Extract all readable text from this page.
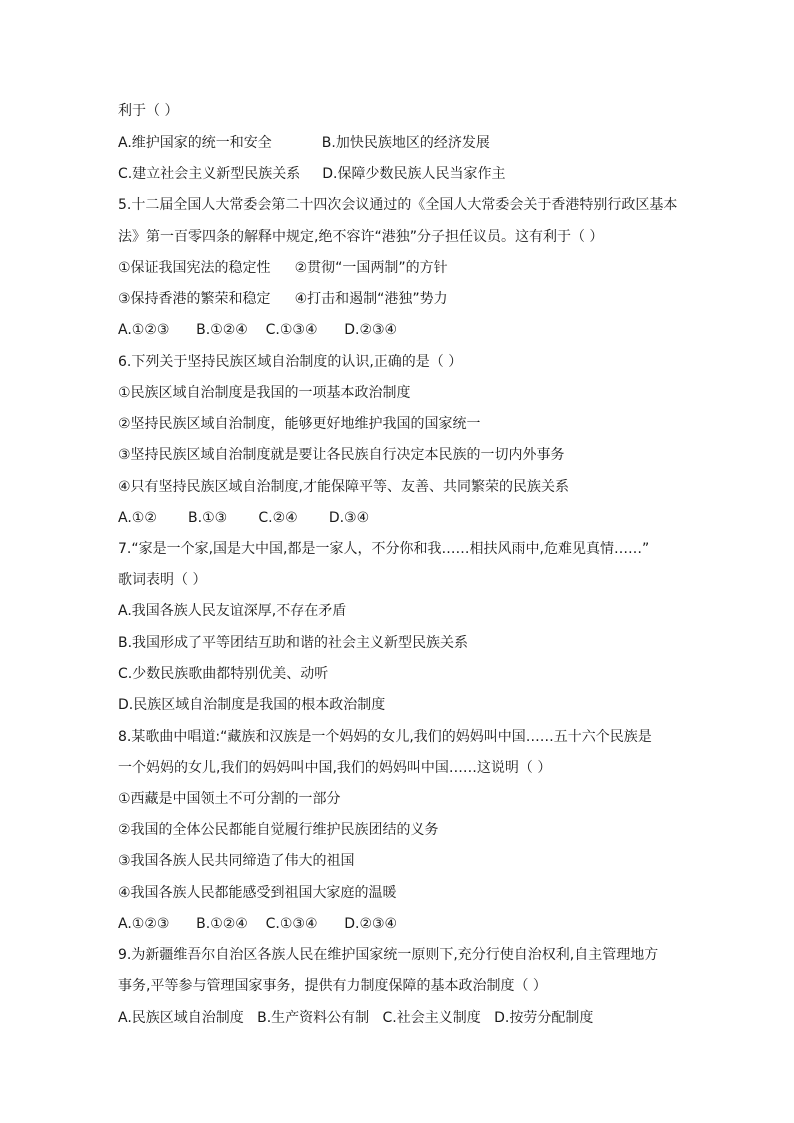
利于（ ）
A.维护国家的统一和安全	B.加快民族地区的经济发展
C.建立社会主义新型民族关系 D.保障少数民族人民当家作主
5.十二届全国人大常委会第二十四次会议通过的《全国人大常委会关于香港特别行政区基本
法》第一百零四条的解释中规定,绝不容许“港独”分子担任议员。这有利于（ ）
①保证我国宪法的稳定性 ②贯彻“一国两制”的方针
③保持香港的繁荣和稳定 ④打击和遏制“港独”势力
A.①②③      B.①②④    C.①③④      D.②③④
6.下列关于坚持民族区域自治制度的认识,正确的是（ ）
①民族区域自治制度是我国的一项基本政治制度
②坚持民族区域自治制度，能够更好地维护我国的国家统一
③坚持民族区域自治制度就是要让各民族自行决定本民族的一切内外事务
④只有坚持民族区域自治制度,才能保障平等、友善、共同繁荣的民族关系
A.①②       B.①③       C.②④       D.③④
7.“家是一个家,国是大中国,都是一家人，不分你和我……相扶风雨中,危难见真情……”
歌词表明（ ）
A.我国各族人民友谊深厚,不存在矛盾
B.我国形成了平等团结互助和谐的社会主义新型民族关系
C.少数民族歌曲都特别优美、动听
D.民族区域自治制度是我国的根本政治制度
8.某歌曲中唱道:“藏族和汉族是一个妈妈的女儿,我们的妈妈叫中国……五十六个民族是
一个妈妈的女儿,我们的妈妈叫中国,我们的妈妈叫中国……这说明（ ）
①西藏是中国领土不可分割的一部分
②我国的全体公民都能自觉履行维护民族团结的义务
③我国各族人民共同缔造了伟大的祖国
④我国各族人民都能感受到祖国大家庭的温暖
A.①②③      B.①②④    C.①③④      D.②③④
9.为新疆维吾尔自治区各族人民在维护国家统一原则下,充分行使自治权利,自主管理地方
事务,平等参与管理国家事务，提供有力制度保障的基本政治制度（ ）
A.民族区域自治制度   B.生产资料公有制   C.社会主义制度   D.按劳分配制度
